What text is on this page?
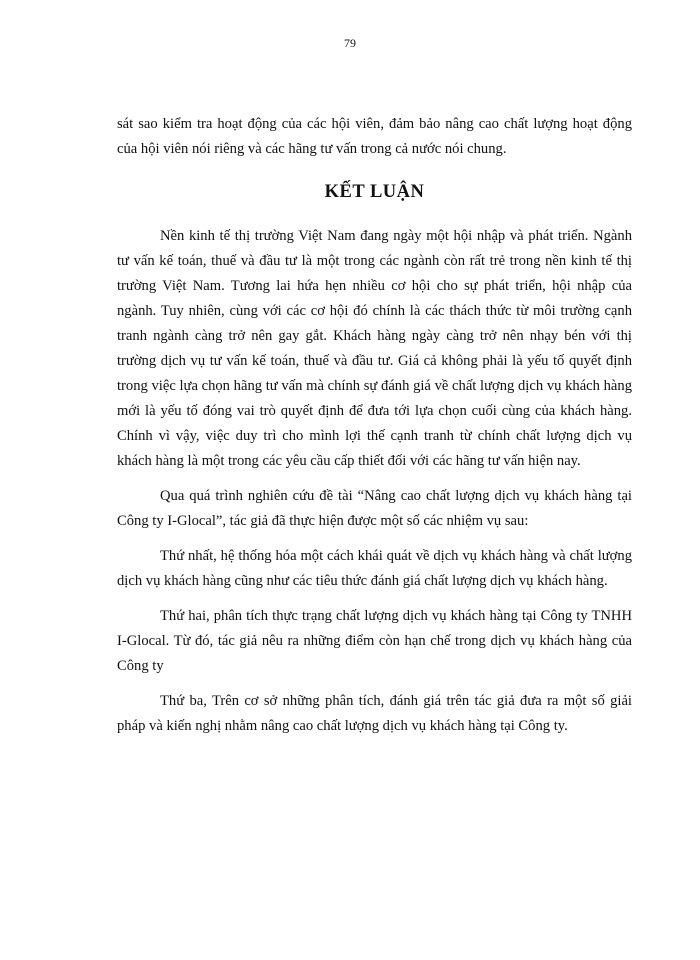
79

sát sao kiểm tra hoạt động của các hội viên, đảm bảo nâng cao chất lượng hoạt động của hội viên nói riêng và các hãng tư vấn trong cả nước nói chung.

KẾT LUẬN

Nền kinh tế thị trường Việt Nam đang ngày một hội nhập và phát triển. Ngành tư vấn kế toán, thuế và đầu tư là một trong các ngành còn rất trẻ trong nền kinh tế thị trường Việt Nam. Tương lai hứa hẹn nhiều cơ hội cho sự phát triển, hội nhập của ngành. Tuy nhiên, cùng với các cơ hội đó chính là các thách thức từ môi trường cạnh tranh ngành càng trở nên gay gắt. Khách hàng ngày càng trở nên nhạy bén với thị trường dịch vụ tư vấn kế toán, thuế và đầu tư. Giá cả không phải là yếu tố quyết định trong việc lựa chọn hãng tư vấn mà chính sự đánh giá về chất lượng dịch vụ khách hàng mới là yếu tố đóng vai trò quyết định để đưa tới lựa chọn cuối cùng của khách hàng. Chính vì vậy, việc duy trì cho mình lợi thế cạnh tranh từ chính chất lượng dịch vụ khách hàng là một trong các yêu cầu cấp thiết đối với các hãng tư vấn hiện nay.

Qua quá trình nghiên cứu đề tài “Nâng cao chất lượng dịch vụ khách hàng tại Công ty I-Glocal”, tác giả đã thực hiện được một số các nhiệm vụ sau:

Thứ nhất, hệ thống hóa một cách khái quát về dịch vụ khách hàng và chất lượng dịch vụ khách hàng cũng như các tiêu thức đánh giá chất lượng dịch vụ khách hàng.

Thứ hai, phân tích thực trạng chất lượng dịch vụ khách hàng tại Công ty TNHH I-Glocal. Từ đó, tác giả nêu ra những điểm còn hạn chế trong dịch vụ khách hàng của Công ty

Thứ ba, Trên cơ sở những phân tích, đánh giá trên tác giả đưa ra một số giải pháp và kiến nghị nhằm nâng cao chất lượng dịch vụ khách hàng tại Công ty.
